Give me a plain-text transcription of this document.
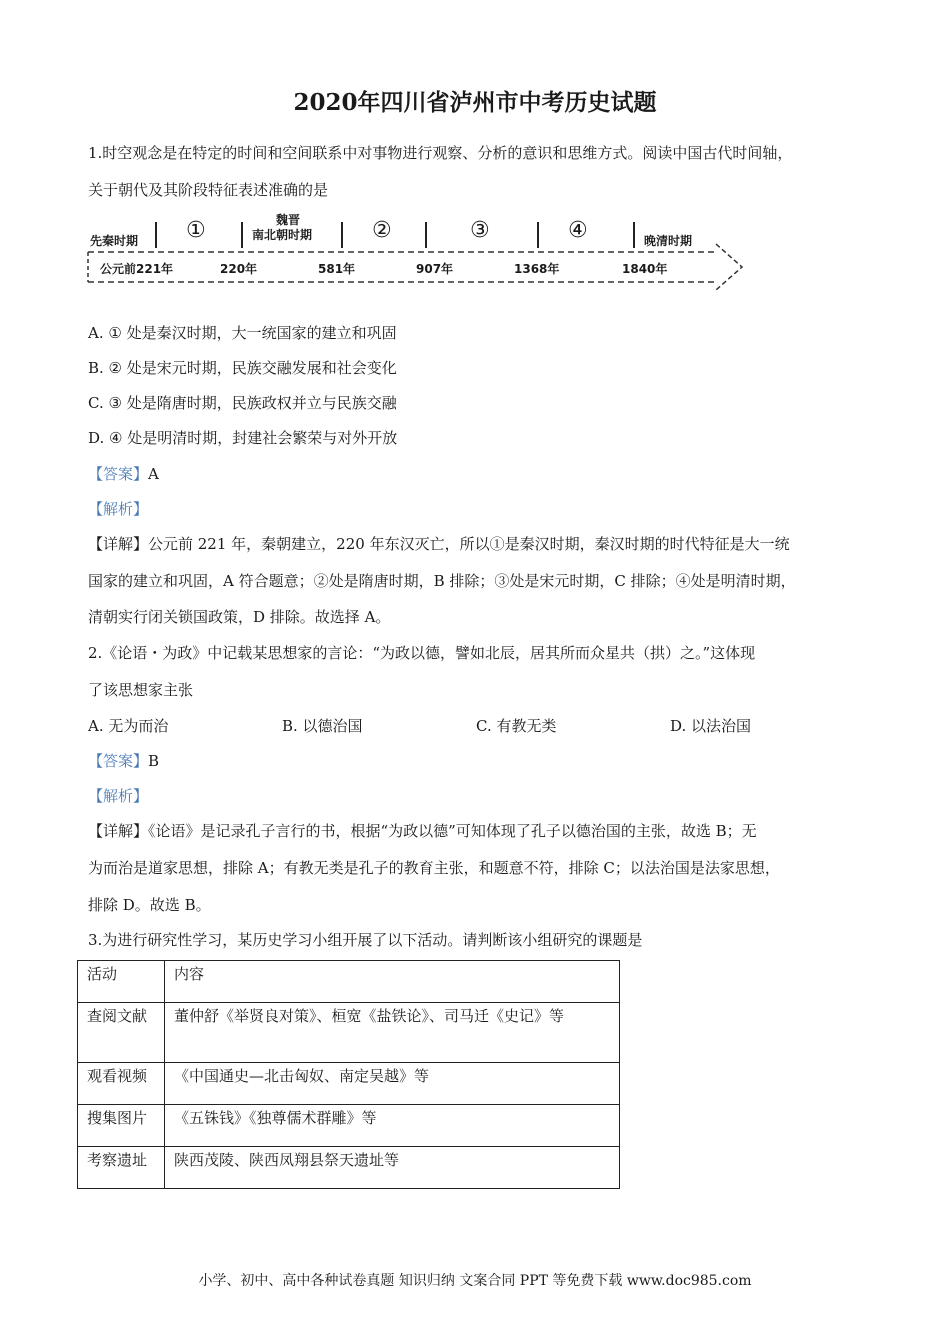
2020年四川省泸州市中考历史试题
1.时空观念是在特定的时间和空间联系中对事物进行观察、分析的意识和思维方式。阅读中国古代时间轴，
关于朝代及其阶段特征表述准确的是
先秦时期 ①	魏晋
南北朝时期	②	③	④	晚清时期
公元前221年	220年	581年	907年	1368年	1840年
A. ① 处是秦汉时期，大一统国家的建立和巩固
B. ② 处是宋元时期，民族交融发展和社会变化
C. ③ 处是隋唐时期，民族政权并立与民族交融
D. ④ 处是明清时期，封建社会繁荣与对外开放
【答案】A
【解析】
【详解】公元前 221 年，秦朝建立，220 年东汉灭亡，所以①是秦汉时期，秦汉时期的时代特征是大一统
国家的建立和巩固，A 符合题意；②处是隋唐时期，B 排除；③处是宋元时期，C 排除；④处是明清时期，
清朝实行闭关锁国政策，D 排除。故选择 A。
2.《论语・为政》中记载某思想家的言论：“为政以德，譬如北辰，居其所而众星共（拱）之。”这体现
了该思想家主张
A. 无为而治	B. 以德治国	C. 有教无类	D. 以法治国
【答案】B
【解析】
【详解】《论语》是记录孔子言行的书，根据“为政以德”可知体现了孔子以德治国的主张，故选 B；无
为而治是道家思想，排除 A；有教无类是孔子的教育主张，和题意不符，排除 C；以法治国是法家思想，
排除 D。故选 B。
3.为进行研究性学习，某历史学习小组开展了以下活动。请判断该小组研究的课题是
活动	内容
查阅文献	董仲舒《举贤良对策》、桓宽《盐铁论》、司马迁《史记》等
观看视频	《中国通史—北击匈奴、南定吴越》等
搜集图片	《五铢钱》《独尊儒术群雕》等
考察遗址	陕西茂陵、陕西凤翔县祭天遗址等
小学、初中、高中各种试卷真题 知识归纳 文案合同 PPT 等免费下载 www.doc985.com
